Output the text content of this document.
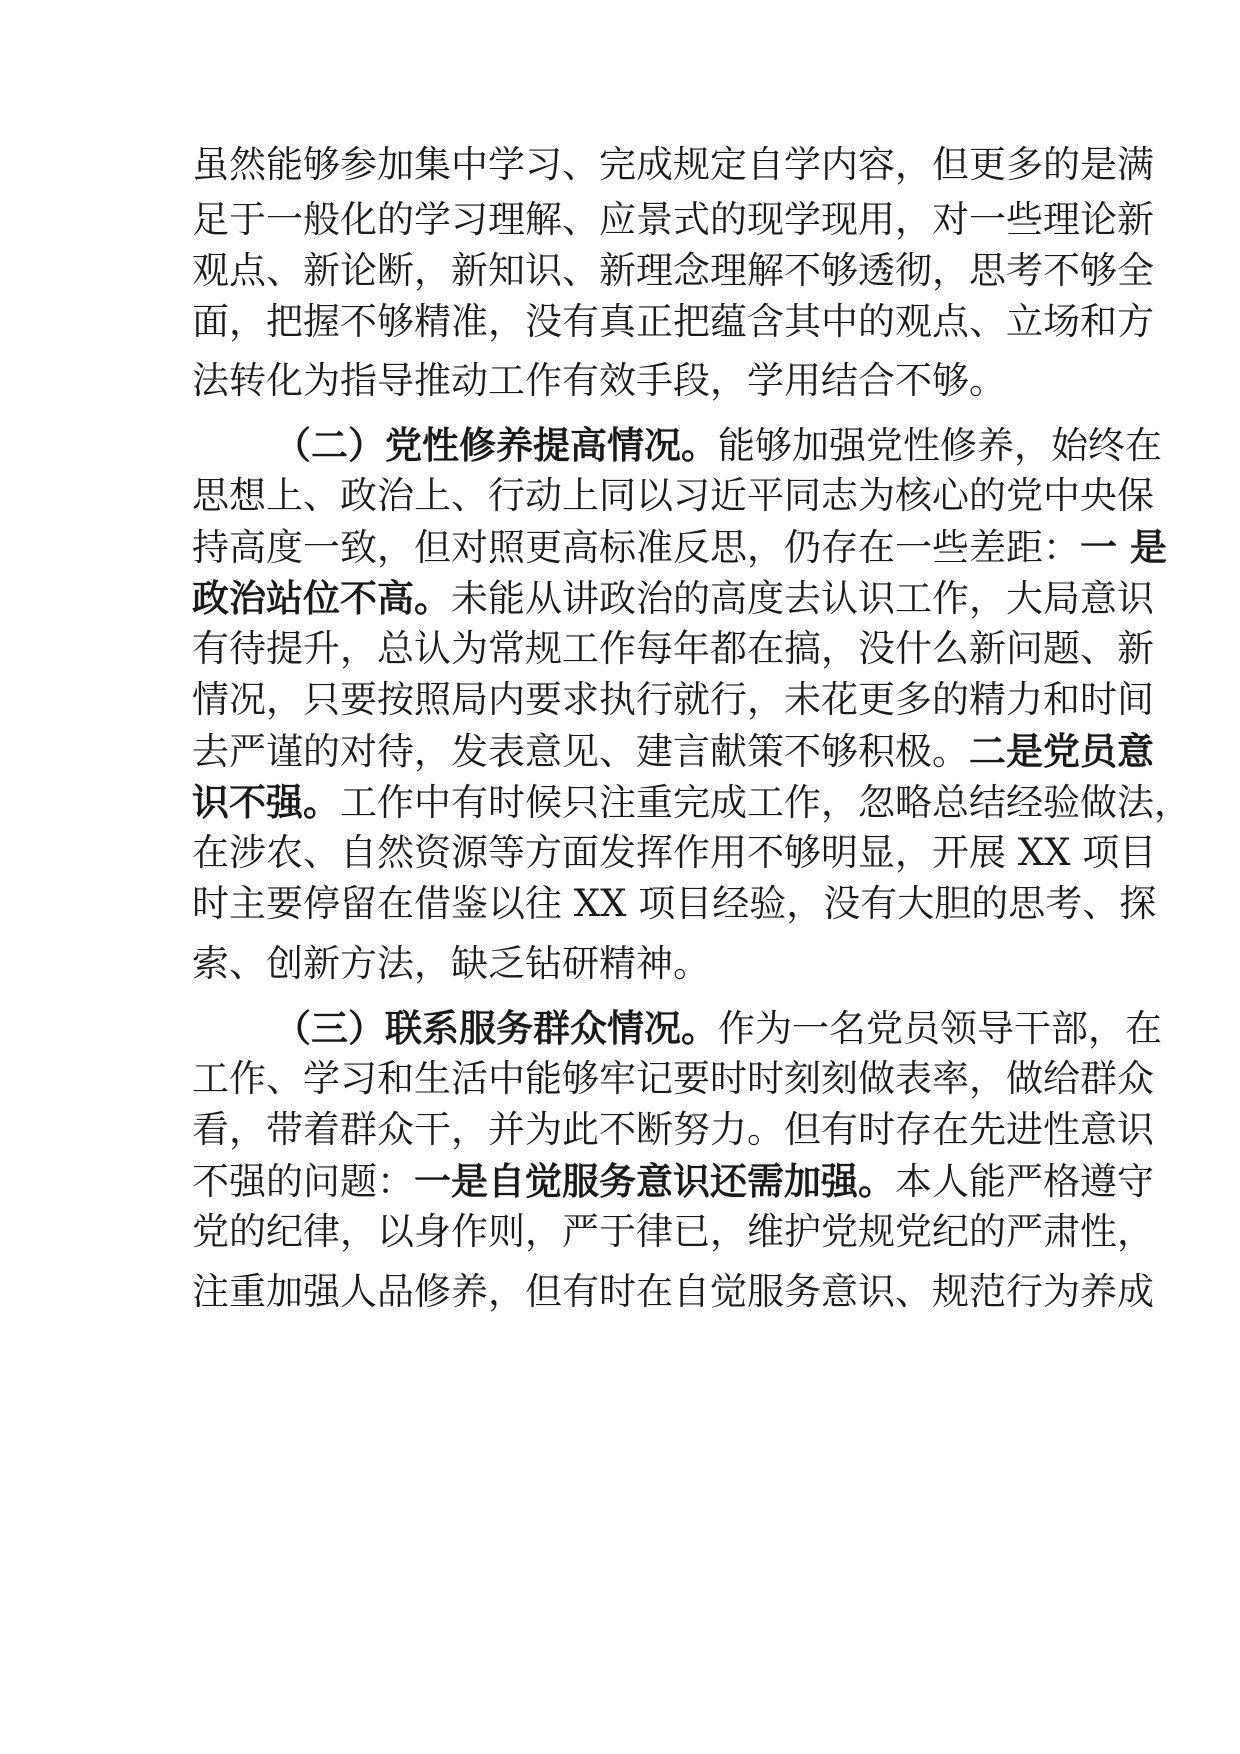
虽然能够参加集中学习、完成规定自学内容，但更多的是满
足于一般化的学习理解、应景式的现学现用，对一些理论新
观点、新论断，新知识、新理念理解不够透彻，思考不够全
面，把握不够精准，没有真正把蕴含其中的观点、立场和方
法转化为指导推动工作有效手段，学用结合不够。
（二）党性修养提高情况。能够加强党性修养，始终在
思想上、政治上、行动上同以习近平同志为核心的党中央保
持高度一致，但对照更高标准反思，仍存在一些差距：一 是
政治站位不高。未能从讲政治的高度去认识工作，大局意识
有待提升，总认为常规工作每年都在搞，没什么新问题、新
情况，只要按照局内要求执行就行，未花更多的精力和时间
去严谨的对待，发表意见、建言献策不够积极。二是党员意
识不强。工作中有时候只注重完成工作，忽略总结经验做法，
在涉农、自然资源等方面发挥作用不够明显，开展 XX 项目
时主要停留在借鉴以往 XX 项目经验，没有大胆的思考、探
索、创新方法，缺乏钻研精神。
（三）联系服务群众情况。作为一名党员领导干部，在
工作、学习和生活中能够牢记要时时刻刻做表率，做给群众
看，带着群众干，并为此不断努力。但有时存在先进性意识
不强的问题：一是自觉服务意识还需加强。本人能严格遵守
党的纪律，以身作则，严于律已，维护党规党纪的严肃性，
注重加强人品修养，但有时在自觉服务意识、规范行为养成
